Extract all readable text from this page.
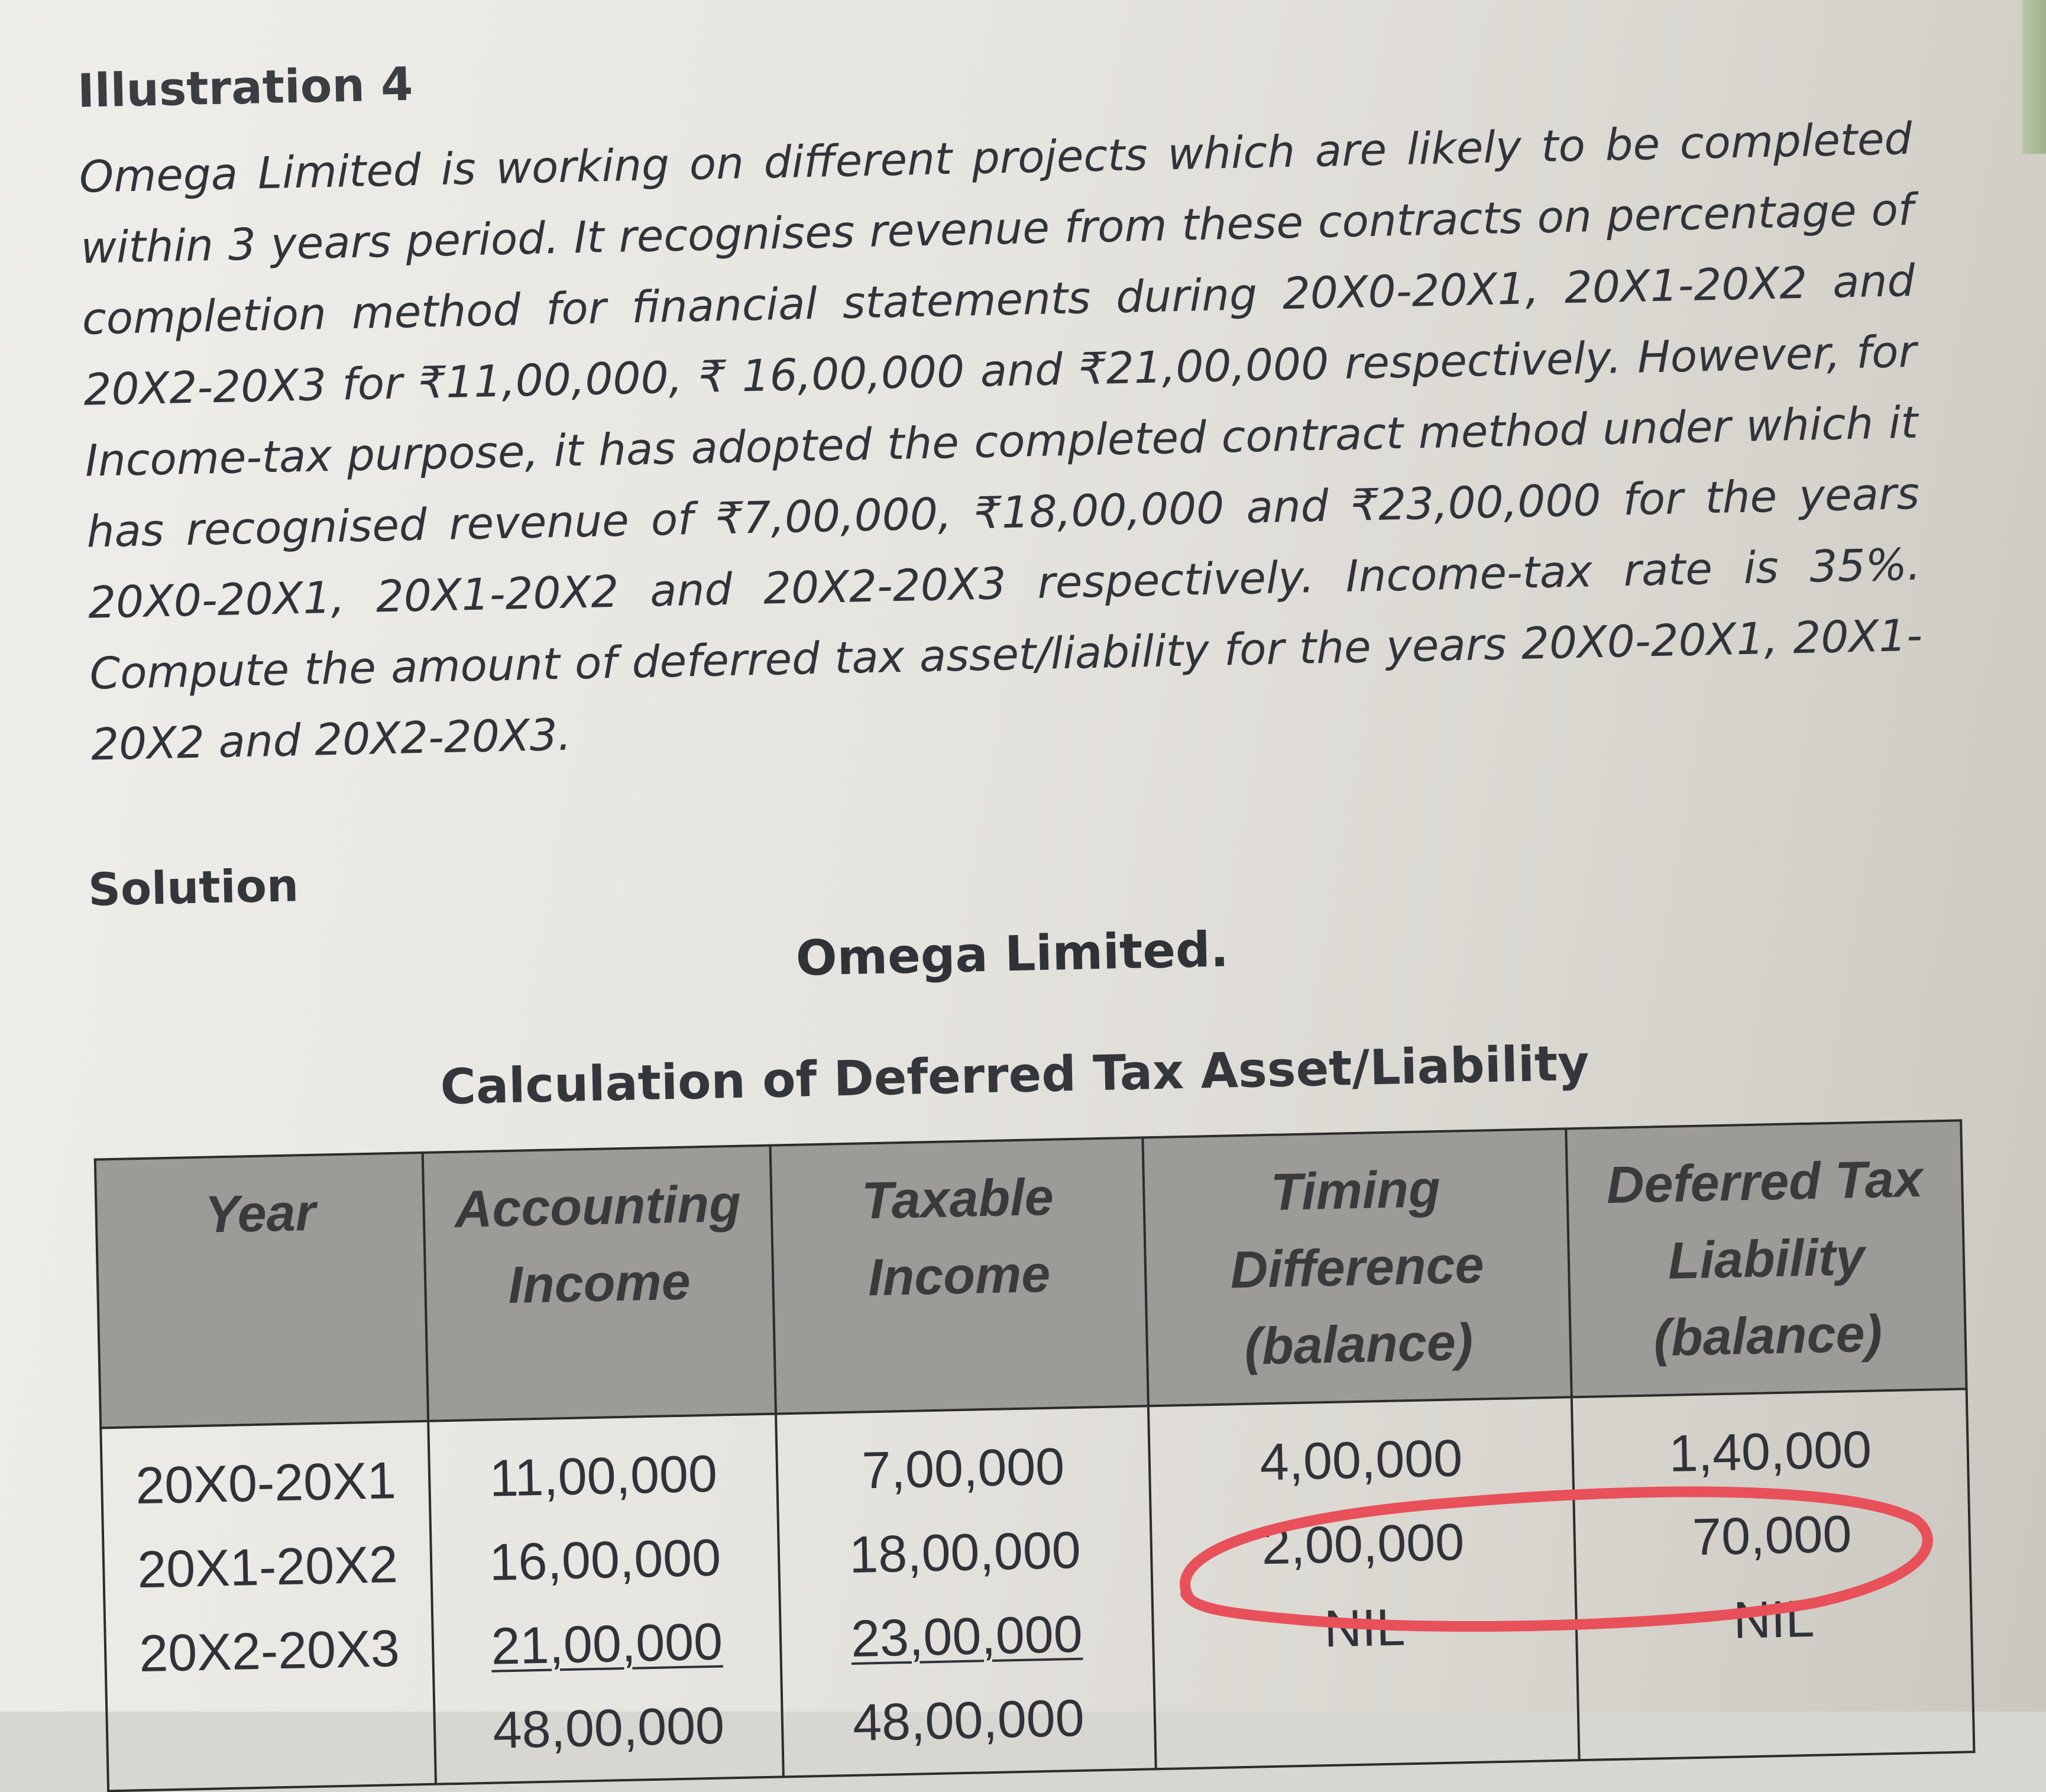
Illustration 4

Omega Limited is working on different projects which are likely to be completed
within 3 years period. It recognises revenue from these contracts on percentage of
completion method for financial statements during 20X0-20X1, 20X1-20X2 and
20X2-20X3 for ₹11,00,000, ₹ 16,00,000 and ₹21,00,000 respectively. However, for
Income-tax purpose, it has adopted the completed contract method under which it
has recognised revenue of ₹7,00,000, ₹18,00,000 and ₹23,00,000 for the years
20X0-20X1, 20X1-20X2 and 20X2-20X3 respectively. Income-tax rate is 35%.
Compute the amount of deferred tax asset/liability for the years 20X0-20X1, 20X1-
20X2 and 20X2-20X3.

Solution
Omega Limited.
Calculation of Deferred Tax Asset/Liability
Year	Accounting Income	Taxable Income	Timing Difference (balance)	Deferred Tax Liability (balance)
20X0-20X1	11,00,000	7,00,000	4,00,000	1,40,000
20X1-20X2	16,00,000	18,00,000	2,00,000	70,000
20X2-20X3	21,00,000	23,00,000	NIL	NIL
	48,00,000	48,00,000		
